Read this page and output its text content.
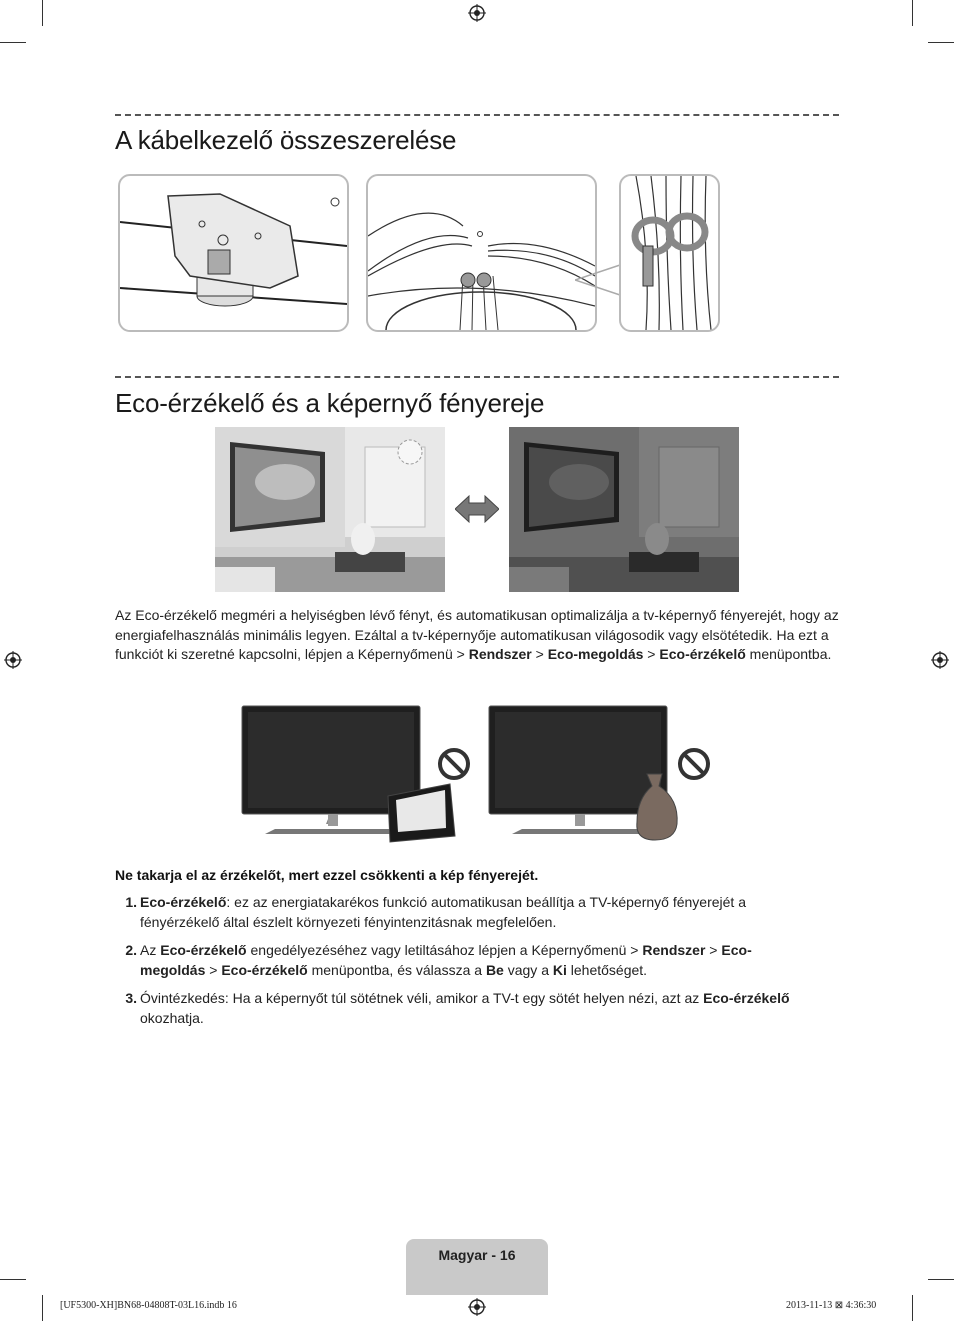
A kábelkezelő összeszerelése
Eco-érzékelő és a képernyő fényereje
Az Eco-érzékelő megméri a helyiségben lévő fényt, és automatikusan optimalizálja a tv-képernyő fényerejét, hogy az energiafelhasználás minimális legyen. Ezáltal a tv-képernyője automatikusan világosodik vagy elsötétedik. Ha ezt a funkciót ki szeretné kapcsolni, lépjen a Képernyőmenü > Rendszer > Eco-megoldás > Eco-érzékelő menüpontba.
Ne takarja el az érzékelőt, mert ezzel csökkenti a kép fényerejét.
1. Eco-érzékelő: ez az energiatakarékos funkció automatikusan beállítja a TV-képernyő fényerejét a fényérzékelő által észlelt környezeti fényintenzitásnak megfelelően.
2. Az Eco-érzékelő engedélyezéséhez vagy letiltásához lépjen a Képernyőmenü > Rendszer > Eco-megoldás > Eco-érzékelő menüpontba, és válassza a Be vagy a Ki lehetőséget.
3. Óvintézkedés: Ha a képernyőt túl sötétnek véli, amikor a TV-t egy sötét helyen nézi, azt az Eco-érzékelő okozhatja.
Magyar - 16
[UF5300-XH]BN68-04808T-03L16.indb 16	2013-11-13 ⊠ 4:36:30
